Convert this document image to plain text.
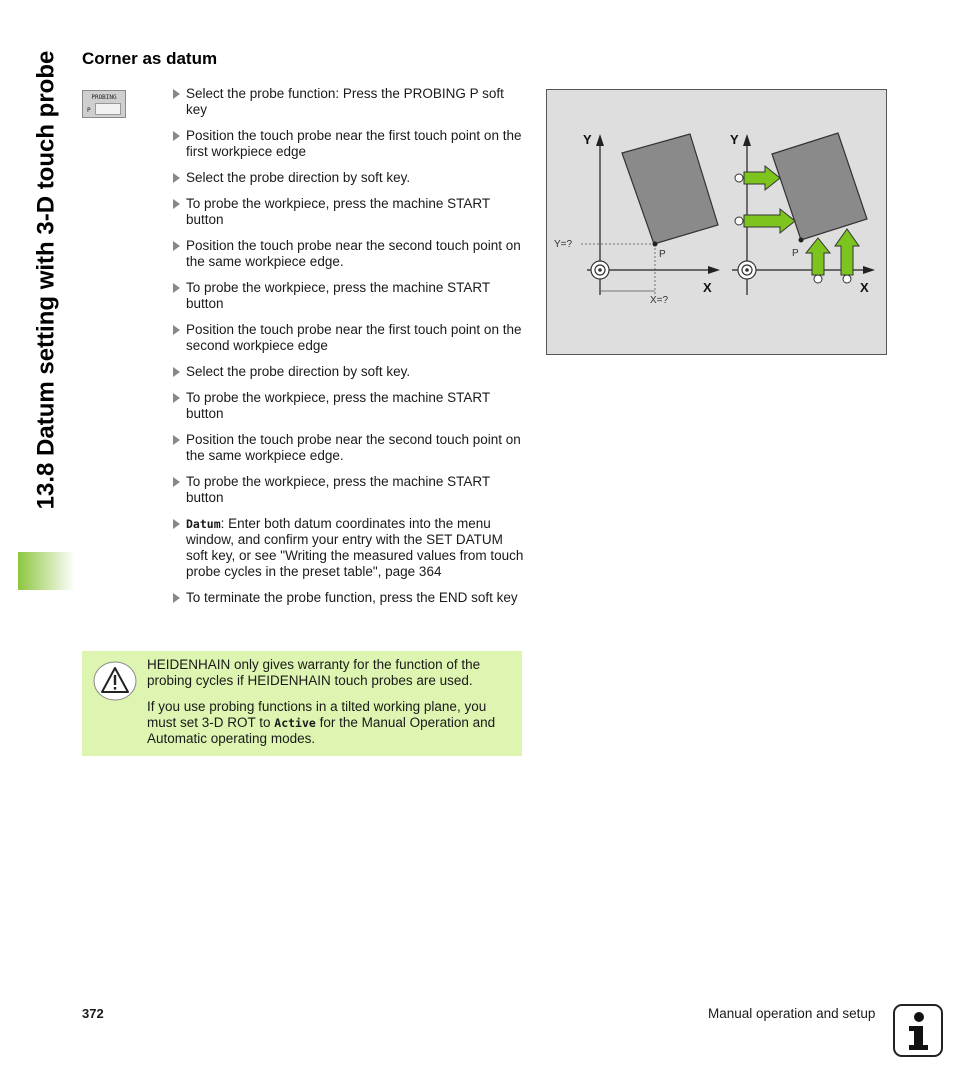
13.8 Datum setting with 3-D touch probe Corner as datum
PROBING
P
Select the probe function: Press the PROBING P soft key
Position the touch probe near the first touch point on the first workpiece edge
Select the probe direction by soft key.
To probe the workpiece, press the machine START button
Position the touch probe near the second touch point on the same workpiece edge.
To probe the workpiece, press the machine START button
Position the touch probe near the first touch point on the second workpiece edge
Select the probe direction by soft key.
To probe the workpiece, press the machine START button
Position the touch probe near the second touch point on the same workpiece edge.
To probe the workpiece, press the machine START button
Datum: Enter both datum coordinates into the menu window, and confirm your entry with the SET DATUM soft key, or see "Writing the measured values from touch probe cycles in the preset table", page 364
To terminate the probe function, press the END soft key

HEIDENHAIN only gives warranty for the function of the probing cycles if HEIDENHAIN touch probes are used.

If you use probing functions in a tilted working plane, you must set 3-D ROT to Active for the Manual Operation and Automatic operating modes.

Y
X
Y=?
X=?
P
Y
X
P
372	Manual operation and setup
